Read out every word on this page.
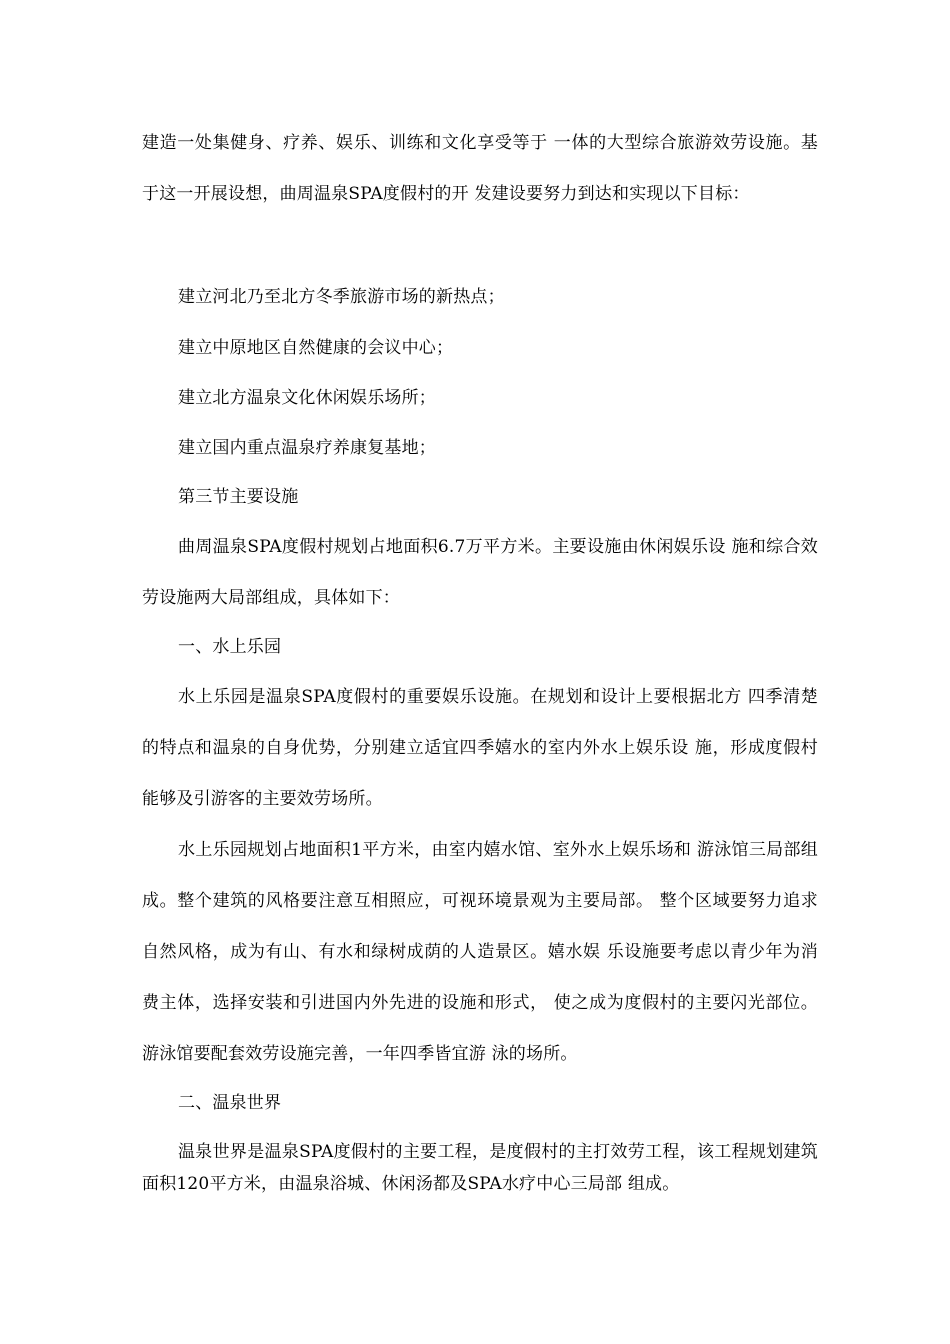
建造一处集健身、疗养、娱乐、训练和文化享受等于 一体的大型综合旅游效劳设施。基于这一开展设想，曲周温泉SPA度假村的开 发建设要努力到达和实现以下目标：

建立河北乃至北方冬季旅游市场的新热点；

建立中原地区自然健康的会议中心；

建立北方温泉文化休闲娱乐场所；

建立国内重点温泉疗养康复基地；

第三节主要设施

曲周温泉SPA度假村规划占地面积6.7万平方米。主要设施由休闲娱乐设 施和综合效劳设施两大局部组成，具体如下：

一、水上乐园

水上乐园是温泉SPA度假村的重要娱乐设施。在规划和设计上要根据北方 四季清楚的特点和温泉的自身优势，分别建立适宜四季嬉水的室内外水上娱乐设 施，形成度假村能够及引游客的主要效劳场所。

水上乐园规划占地面积1平方米，由室内嬉水馆、室外水上娱乐场和 游泳馆三局部组成。整个建筑的风格要注意互相照应，可视环境景观为主要局部。 整个区域要努力追求自然风格，成为有山、有水和绿树成荫的人造景区。嬉水娱 乐设施要考虑以青少年为消费主体，选择安装和引进国内外先进的设施和形式， 使之成为度假村的主要闪光部位。游泳馆要配套效劳设施完善，一年四季皆宜游 泳的场所。

二、温泉世界

温泉世界是温泉SPA度假村的主要工程，是度假村的主打效劳工程，该工程规划建筑面积120平方米，由温泉浴城、休闲汤都及SPA水疗中心三局部 组成。
